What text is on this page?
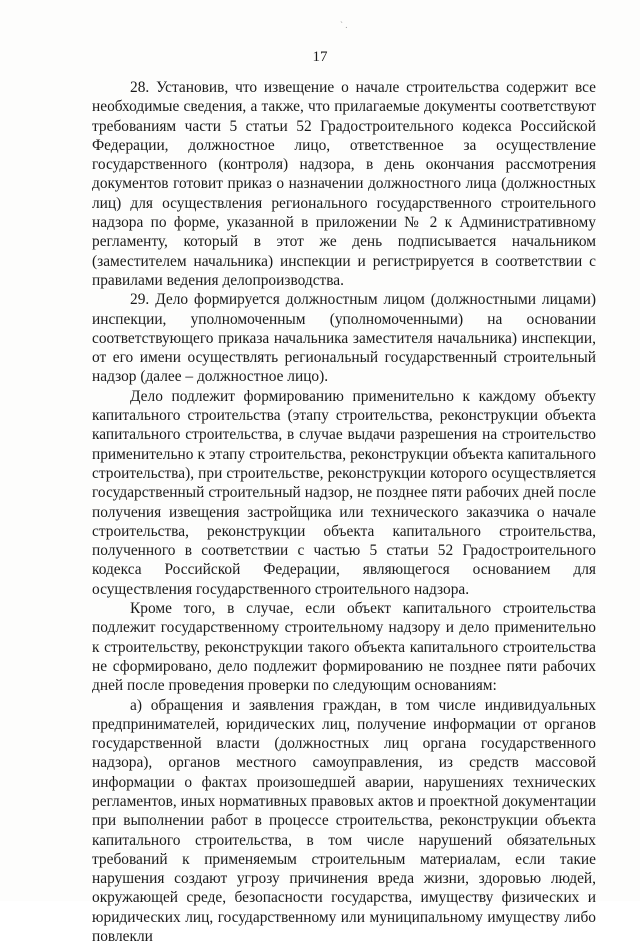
` .
17

28. Установив, что извещение о начале строительства содержит все необходимые сведения, а также, что прилагаемые документы соответствуют требованиям части 5 статьи 52 Градостроительного кодекса Российской Федерации, должностное лицо, ответственное за осуществление государственного (контроля) надзора, в день окончания рассмотрения документов готовит приказ о назначении должностного лица (должностных лиц) для осуществления регионального государственного строительного надзора по форме, указанной в приложении № 2 к Административному регламенту, который в этот же день подписывается начальником (заместителем начальника) инспекции и регистрируется в соответствии с правилами ведения делопроизводства.

29. Дело формируется должностным лицом (должностными лицами) инспекции, уполномоченным (уполномоченными) на основании соответствующего приказа начальника заместителя начальника) инспекции, от его имени осуществлять региональный государственный строительный надзор (далее – должностное лицо).

Дело подлежит формированию применительно к каждому объекту капитального строительства (этапу строительства, реконструкции объекта капитального строительства, в случае выдачи разрешения на строительство применительно к этапу строительства, реконструкции объекта капитального строительства), при строительстве, реконструкции которого осуществляется государственный строительный надзор, не позднее пяти рабочих дней после получения извещения застройщика или технического заказчика о начале строительства, реконструкции объекта капитального строительства, полученного в соответствии с частью 5 статьи 52 Градостроительного кодекса Российской Федерации, являющегося основанием для осуществления государственного строительного надзора.

Кроме того, в случае, если объект капитального строительства подлежит государственному строительному надзору и дело применительно к строительству, реконструкции такого объекта капитального строительства не сформировано, дело подлежит формированию не позднее пяти рабочих дней после проведения проверки по следующим основаниям:

а) обращения и заявления граждан, в том числе индивидуальных предпринимателей, юридических лиц, получение информации от органов государственной власти (должностных лиц органа государственного надзора), органов местного самоуправления, из средств массовой информации о фактах произошедшей аварии, нарушениях технических регламентов, иных нормативных правовых актов и проектной документации при выполнении работ в процессе строительства, реконструкции объекта капитального строительства, в том числе нарушений обязательных требований к применяемым строительным материалам, если такие нарушения создают угрозу причинения вреда жизни, здоровью людей, окружающей среде, безопасности государства, имуществу физических и юридических лиц, государственному или муниципальному имуществу либо повлекли
